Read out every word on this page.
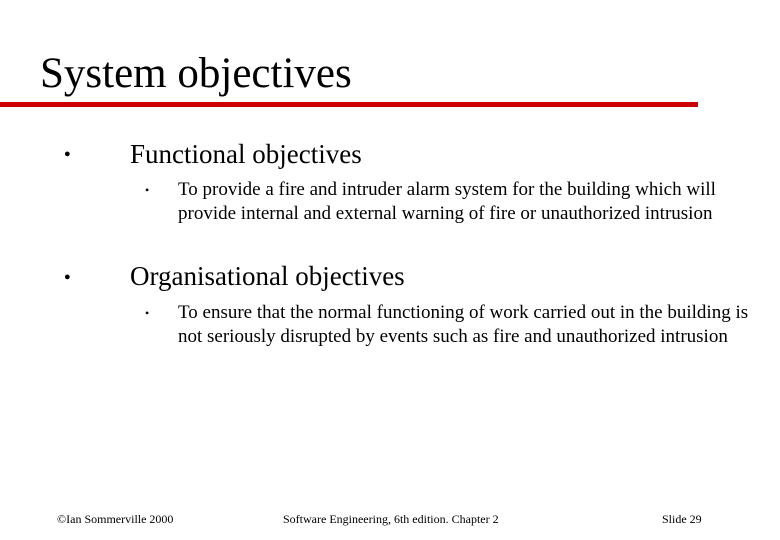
System objectives
● Functional objectives
• To provide a fire and intruder alarm system for the building which will provide internal and external warning of fire or unauthorized intrusion
● Organisational objectives
• To ensure that the normal functioning of work carried out in the building is not seriously disrupted by events such as fire and unauthorized intrusion
©Ian Sommerville 2000	Software Engineering, 6th edition. Chapter 2	Slide 29
